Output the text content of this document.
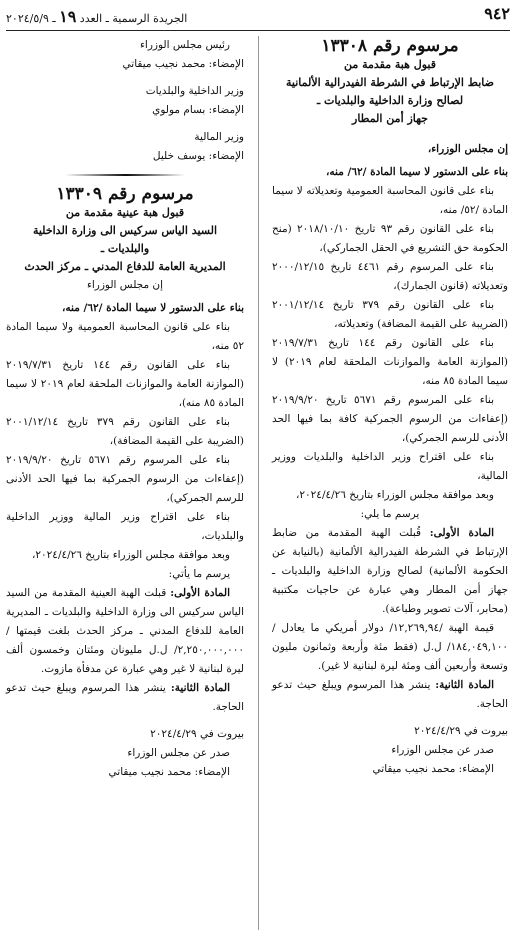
٩٤٢
الجريدة الرسمية ـ العدد ١٩ ـ ٢٠٢٤/٥/٩

مرسوم رقم ١٣٣٠٨

قبول هبة مقدمة من

ضابط الإرتباط في الشرطة الفيدرالية الألمانية

لصالح وزارة الداخلية والبلديات ـ

جهاز أمن المطار

إن مجلس الوزراء،

بناء على الدستور لا سيما المادة /٦٢/ منه،

بناء على قانون المحاسبة العمومية وتعديلاته لا سيما المادة /٥٢/ منه،

بناء على القانون رقم ٩٣ تاريخ ٢٠١٨/١٠/١٠ (منح الحكومة حق التشريع في الحقل الجماركي)،

بناء على المرسوم رقم ٤٤٦١ تاريخ ٢٠٠٠/١٢/١٥ وتعديلاته (قانون الجمارك)،

بناء على القانون رقم ٣٧٩ تاريخ ٢٠٠١/١٢/١٤ (الضريبة على القيمة المضافة) وتعديلاته،

بناء على القانون رقم ١٤٤ تاريخ ٢٠١٩/٧/٣١ (الموازنة العامة والموازنات الملحقة لعام ٢٠١٩) لا سيما المادة ٨٥ منه،

بناء على المرسوم رقم ٥٦٧١ تاريخ ٢٠١٩/٩/٢٠ (إعفاءات من الرسوم الجمركية كافة بما فيها الحد الأدنى للرسم الجمركي)،

بناء على اقتراح وزير الداخلية والبلديات ووزير المالية،

وبعد موافقة مجلس الوزراء بتاريخ ٢٠٢٤/٤/٢٦،

يرسم ما يلي:

المادة الأولى: قُبلت الهبة المقدمة من ضابط الإرتباط في الشرطة الفيدرالية الألمانية (بالنيابة عن الحكومة الألمانية) لصالح وزارة الداخلية والبلديات ـ جهاز أمن المطار وهي عبارة عن حاجيات مكتبية (محابر، آلات تصوير وطباعة).

قيمة الهبة /١٢,٢٦٩,٩٤/ دولار أمريكي ما يعادل /١٨٤,٠٤٩,١٠٠/ ل.ل (فقط مئة وأربعة وثمانون مليون وتسعة وأربعين ألف ومئة ليرة لبنانية لا غير).

المادة الثانية: ينشر هذا المرسوم ويبلغ حيث تدعو الحاجة.

بيروت في ٢٠٢٤/٤/٢٩

صدر عن مجلس الوزراء

الإمضاء: محمد نجيب ميقاتي

رئيس مجلس الوزراء

الإمضاء: محمد نجيب ميقاتي

وزير الداخلية والبلديات

الإمضاء: بسام مولوي

وزير المالية

الإمضاء: يوسف خليل

مرسوم رقم ١٣٣٠٩

قبول هبة عينية مقدمة من

السيد الياس سركيس الى وزارة الداخلية

والبلديات ـ

المديرية العامة للدفاع المدني ـ مركز الحدث

إن مجلس الوزراء

بناء على الدستور لا سيما المادة /٦٢/ منه،

بناء على قانون المحاسبة العمومية ولا سيما المادة ٥٢ منه،

بناء على القانون رقم ١٤٤ تاريخ ٢٠١٩/٧/٣١ (الموازنة العامة والموازنات الملحقة لعام ٢٠١٩ لا سيما المادة ٨٥ منه)،

بناء على القانون رقم ٣٧٩ تاريخ ٢٠٠١/١٢/١٤ (الضريبة على القيمة المضافة)،

بناء على المرسوم رقم ٥٦٧١ تاريخ ٢٠١٩/٩/٢٠ (إعفاءات من الرسوم الجمركية بما فيها الحد الأدنى للرسم الجمركي)،

بناء على اقتراح وزير المالية ووزير الداخلية والبلديات،

وبعد موافقة مجلس الوزراء بتاريخ ٢٠٢٤/٤/٢٦،

يرسم ما يأتي:

المادة الأولى: قبلت الهبة العينية المقدمة من السيد الياس سركيس الى وزارة الداخلية والبلديات ـ المديرية العامة للدفاع المدني ـ مركز الحدث بلغت قيمتها /٢,٢٥٠,٠٠٠,٠٠٠/ ل.ل مليونان ومئتان وخمسون ألف ليرة لبنانية لا غير وهي عبارة عن مدفأة مازوت.

المادة الثانية: ينشر هذا المرسوم ويبلغ حيث تدعو الحاجة.

بيروت في ٢٠٢٤/٤/٢٩

صدر عن مجلس الوزراء

الإمضاء: محمد نجيب ميقاتي
